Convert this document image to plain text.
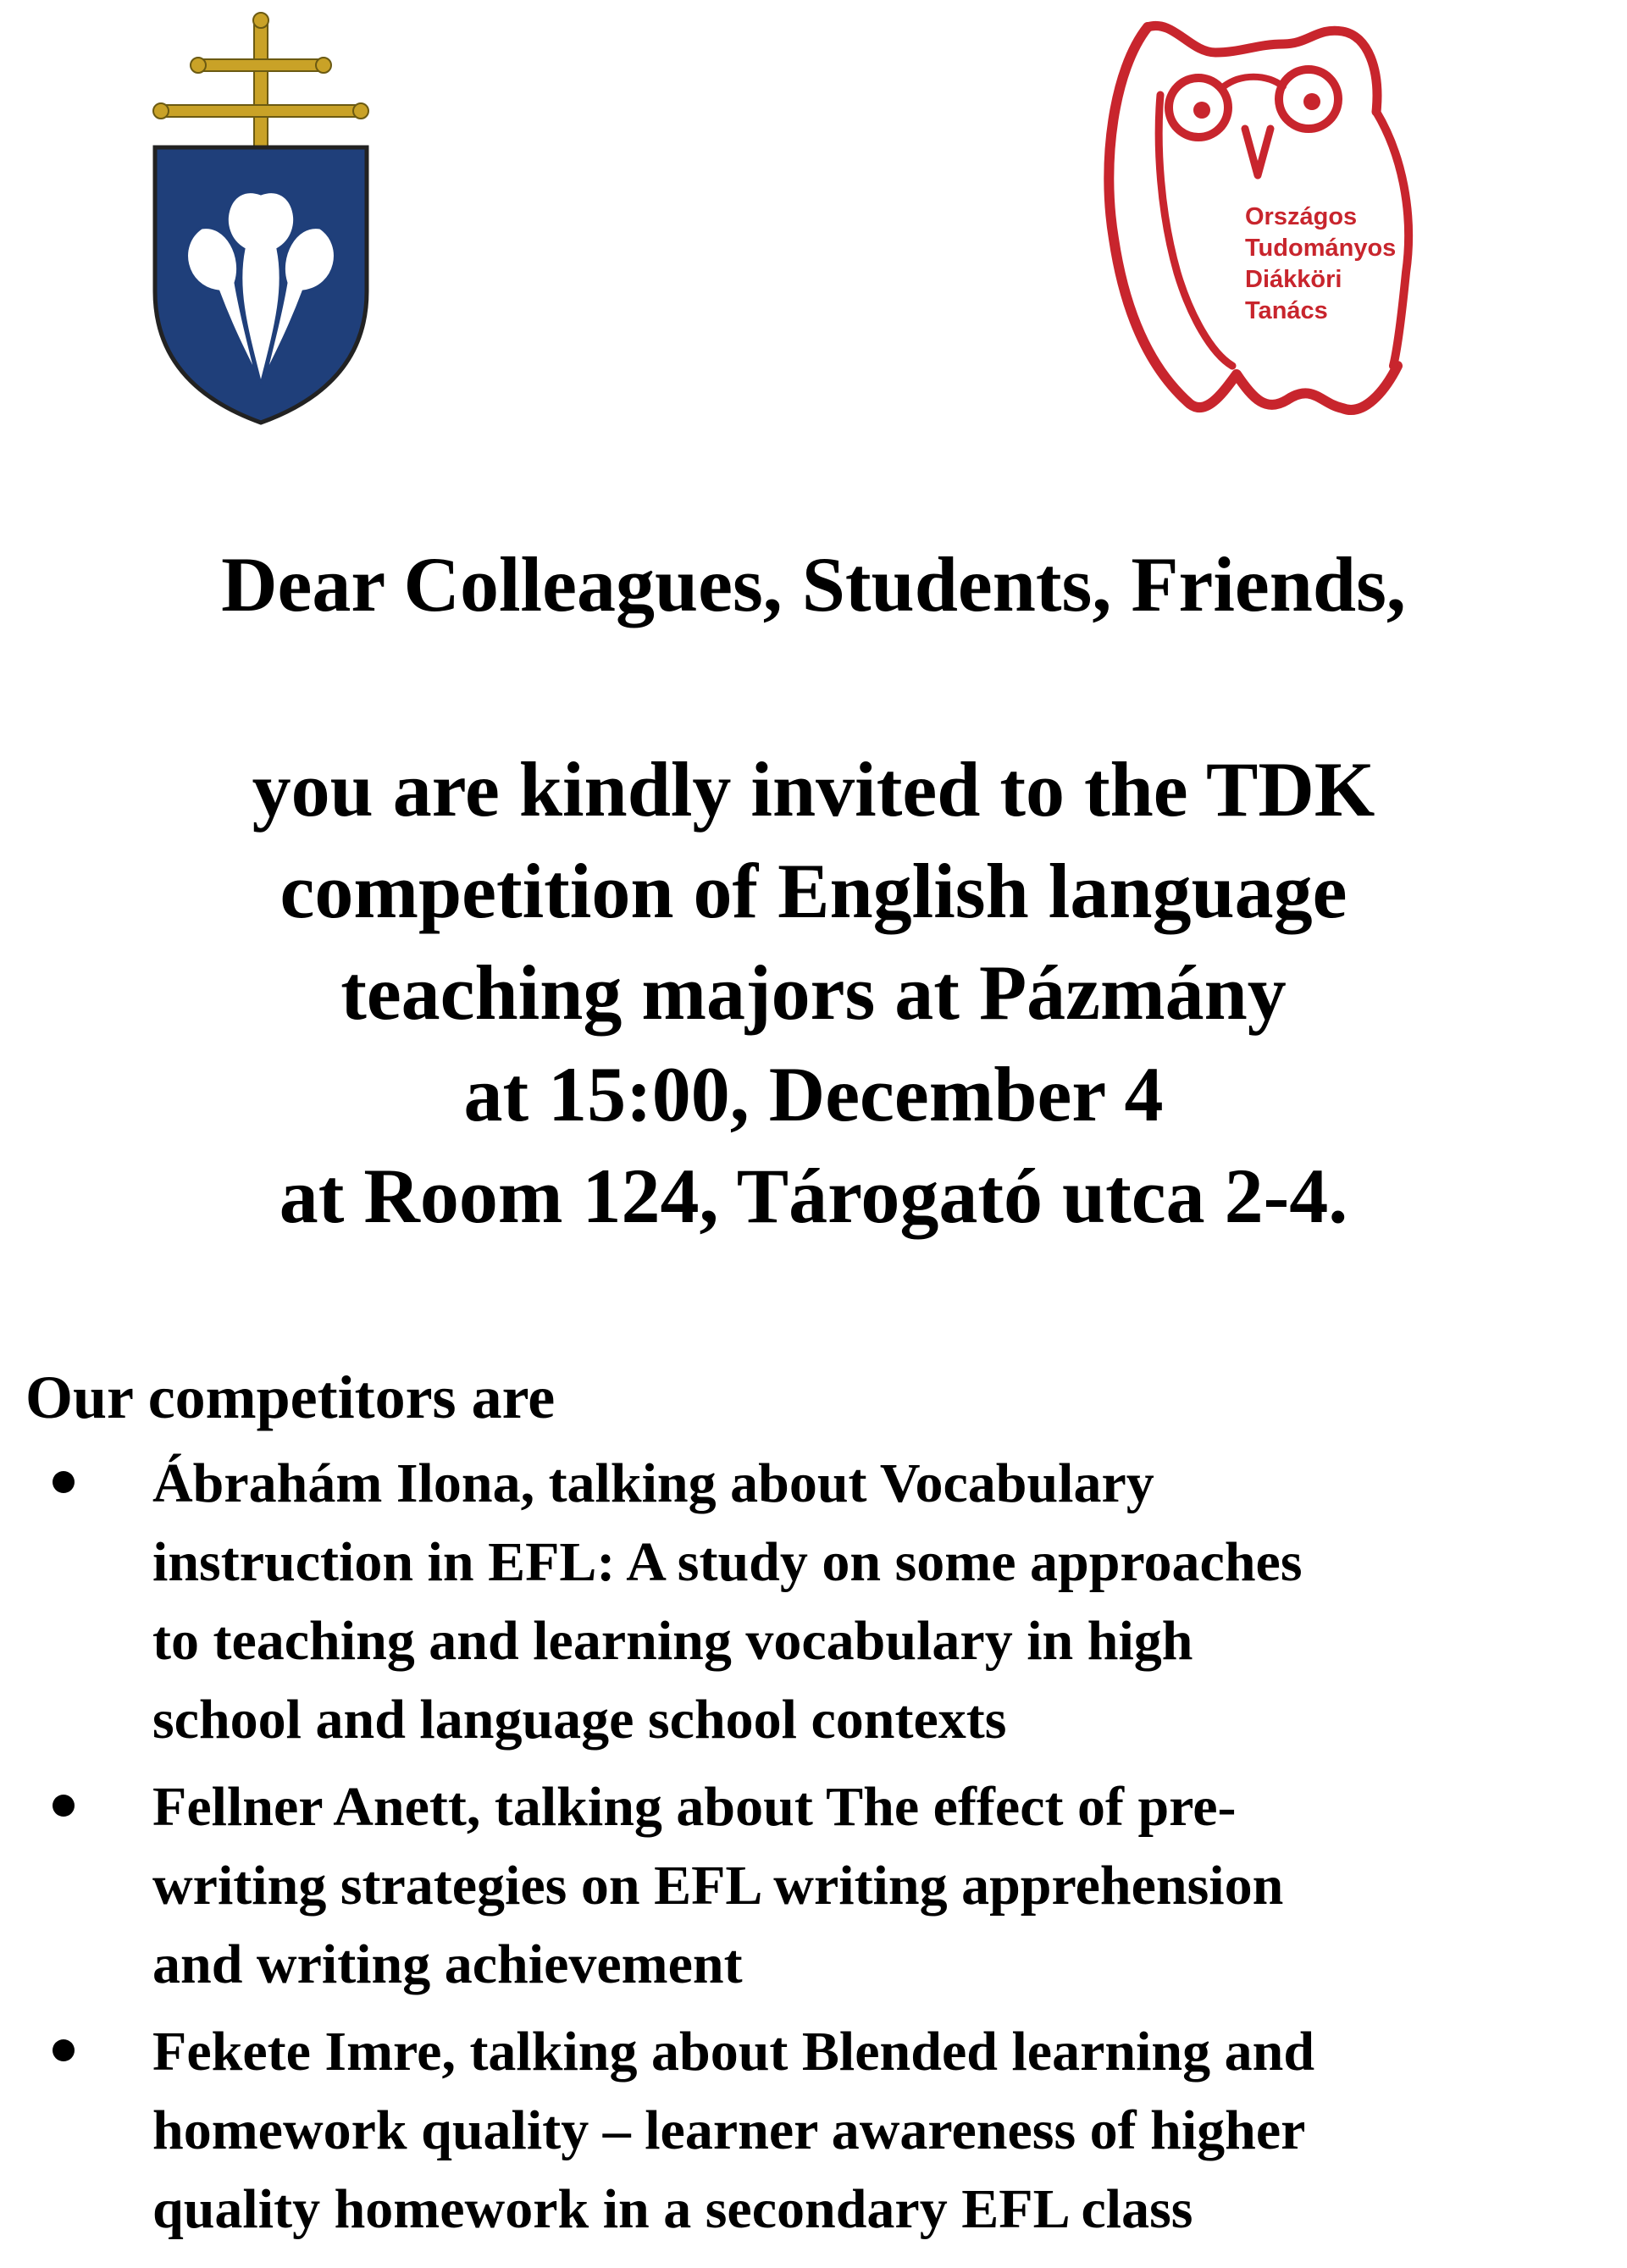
Országos
Tudományos
Diákköri
Tanács
Dear Colleagues, Students, Friends,
you are kindly invited to the TDK
competition of English language
teaching majors at Pázmány
at 15:00, December 4
at Room 124, Tárogató utca 2-4.
Our competitors are
Ábrahám Ilona, talking about Vocabulary
instruction in EFL: A study on some approaches
to teaching and learning vocabulary in high
school and language school contexts
Fellner Anett, talking about The effect of pre-
writing strategies on EFL writing apprehension
and writing achievement
Fekete Imre, talking about Blended learning and
homework quality – learner awareness of higher
quality homework in a secondary EFL class
